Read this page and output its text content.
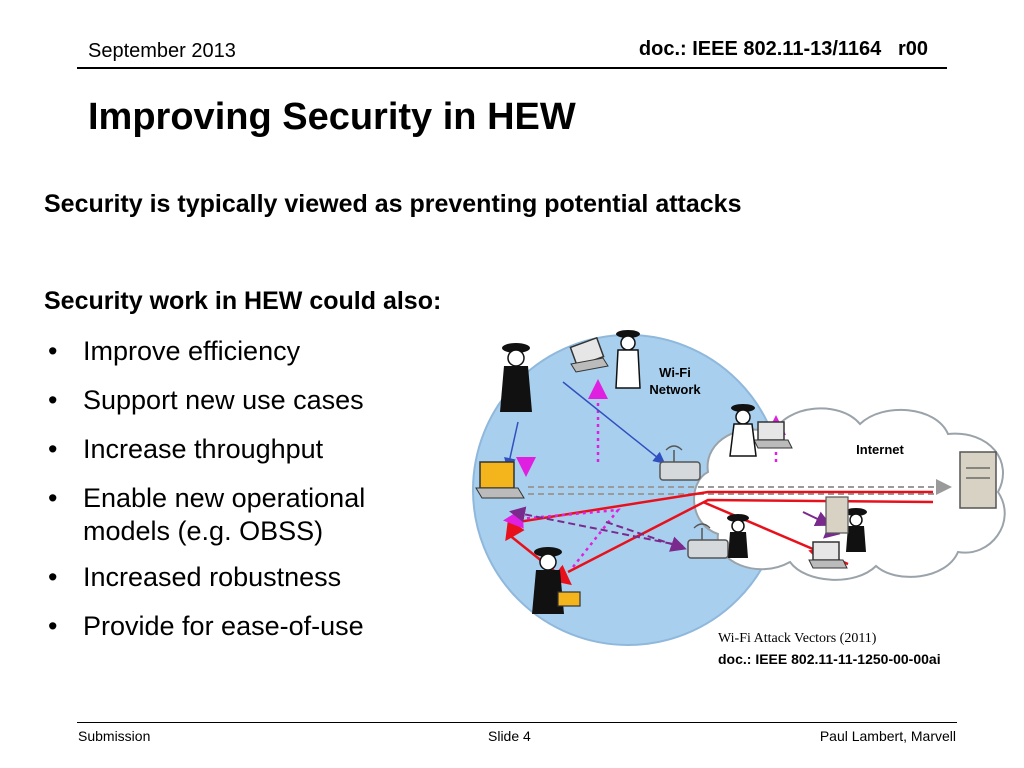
September 2013	doc.: IEEE 802.11-13/1164   r00
Improving Security in HEW
Security is typically viewed as preventing potential attacks
Security work in HEW could also:
• Improve efficiency
• Support new use cases
• Increase throughput
• Enable new operational models (e.g. OBSS)
• Increased robustness
• Provide for ease-of-use
Wi-Fi
Network
Internet
Wi-Fi Attack Vectors (2011)
doc.: IEEE 802.11-11-1250-00-00ai
Submission	Slide 4	Paul Lambert, Marvell
